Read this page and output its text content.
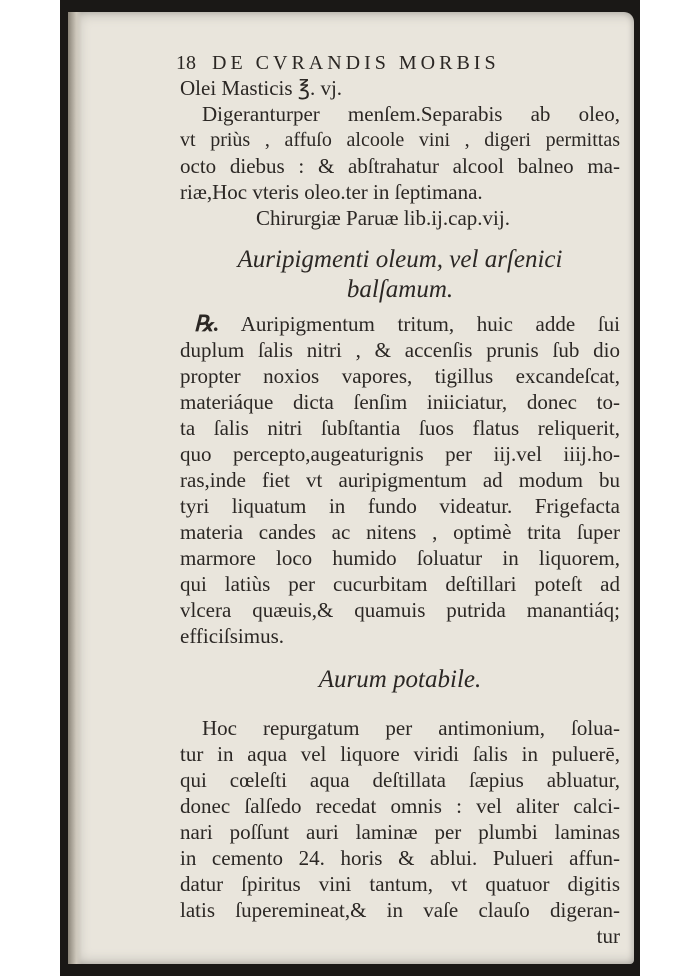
18 DE CVRANDIS MORBIS
Olei Masticis ℥. vj.
Digeranturper menſem.Separabis ab oleo,
vt priùs , affuſo alcoole vini , digeri permittas
octo diebus : & abſtrahatur alcool balneo ma-
riæ,Hoc vteris oleo.ter in ſeptimana.
Chirurgiæ Paruæ lib.ij.cap.vij.
Auripigmenti oleum, vel arſenici
balſamum.
℞. Auripigmentum tritum, huic adde ſui
duplum ſalis nitri , & accenſis prunis ſub dio
propter noxios vapores, tigillus excandeſcat,
materiáque dicta ſenſim iniiciatur, donec to-
ta ſalis nitri ſubſtantia ſuos flatus reliquerit,
quo percepto,augeaturignis per iij.vel iiij.ho-
ras,inde fiet vt auripigmentum ad modum bu
tyri liquatum in fundo videatur. Frigefacta
materia candes ac nitens , optimè trita ſuper
marmore loco humido ſoluatur in liquorem,
qui latiùs per cucurbitam deſtillari poteſt ad
vlcera quæuis,& quamuis putrida manantiáq;
efficiſsimus.
Aurum potabile.
Hoc repurgatum per antimonium, ſolua-
tur in aqua vel liquore viridi ſalis in puluerē,
qui cœleſti aqua deſtillata ſæpius abluatur,
donec ſalſedo recedat omnis : vel aliter calci-
nari poſſunt auri laminæ per plumbi laminas
in cemento 24. horis & ablui. Pulueri affun-
datur ſpiritus vini tantum, vt quatuor digitis
latis ſuperemineat,& in vaſe clauſo digeran-
tur
